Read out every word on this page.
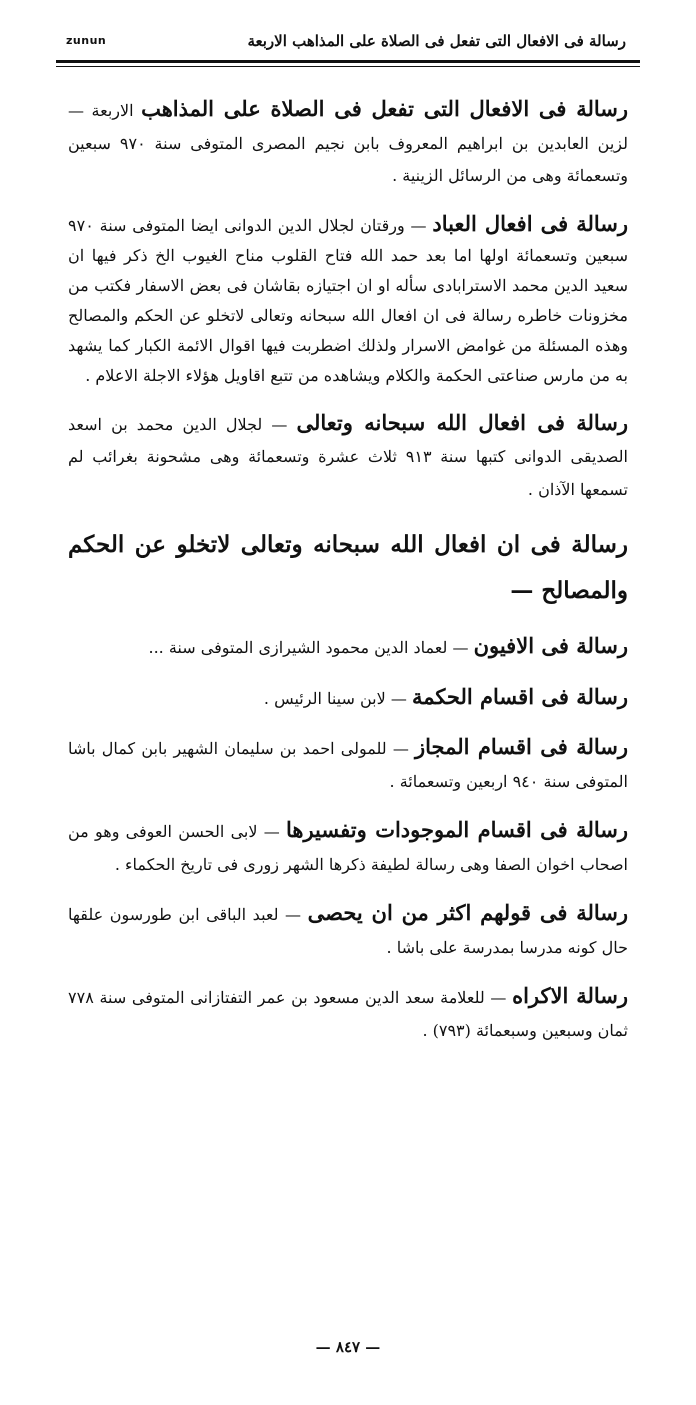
رسالة فى الافعال التى تفعل فى الصلاة على المذاهب الاربعة
zunun

رسالة فى الافعال التى تفعل فى الصلاة على المذاهب الاربعة — لزين العابدين بن ابراهيم المعروف بابن نجيم المصرى المتوفى سنة ٩٧٠ سبعين وتسعمائة وهى من الرسائل الزينية .

رسالة فى افعال العباد — ورقتان لجلال الدين الدوانى ايضا المتوفى سنة ٩٧٠ سبعين وتسعمائة اولها اما بعد حمد الله فتاح القلوب مناح الغيوب الخ ذكر فيها ان سعيد الدين محمد الاسترابادى سأله او ان اجتيازه بقاشان فى بعض الاسفار فكتب من مخزونات خاطره رسالة فى ان افعال الله سبحانه وتعالى لاتخلو عن الحكم والمصالح وهذه المسئلة من غوامض الاسرار ولذلك اضطربت فيها اقوال الائمة الكبار كما يشهد به من مارس صناعتى الحكمة والكلام ويشاهده من تتبع اقاويل هؤلاء الاجلة الاعلام .

رسالة فى افعال الله سبحانه وتعالى — لجلال الدين محمد بن اسعد الصديقى الدوانى كتبها سنة ٩١٣ ثلاث عشرة وتسعمائة وهى مشحونة بغرائب لم تسمعها الآذان .

رسالة فى ان افعال الله سبحانه وتعالى لاتخلو عن الحكم والمصالح —

رسالة فى الافيون — لعماد الدين محمود الشيرازى المتوفى سنة ...

رسالة فى اقسام الحكمة — لابن سينا الرئيس .

رسالة فى اقسام المجاز — للمولى احمد بن سليمان الشهير بابن كمال باشا المتوفى سنة ٩٤٠ اربعين وتسعمائة .

رسالة فى اقسام الموجودات وتفسيرها — لابى الحسن العوفى وهو من اصحاب اخوان الصفا وهى رسالة لطيفة ذكرها الشهر زورى فى تاريخ الحكماء .

رسالة فى قولهم اكثر من ان يحصى — لعبد الباقى ابن طورسون علقها حال كونه مدرسا بمدرسة على باشا .

رسالة الاكراه — للعلامة سعد الدين مسعود بن عمر التفتازانى المتوفى سنة ٧٧٨ ثمان وسبعين وسبعمائة (٧٩٣) .

— ٨٤٧ —
